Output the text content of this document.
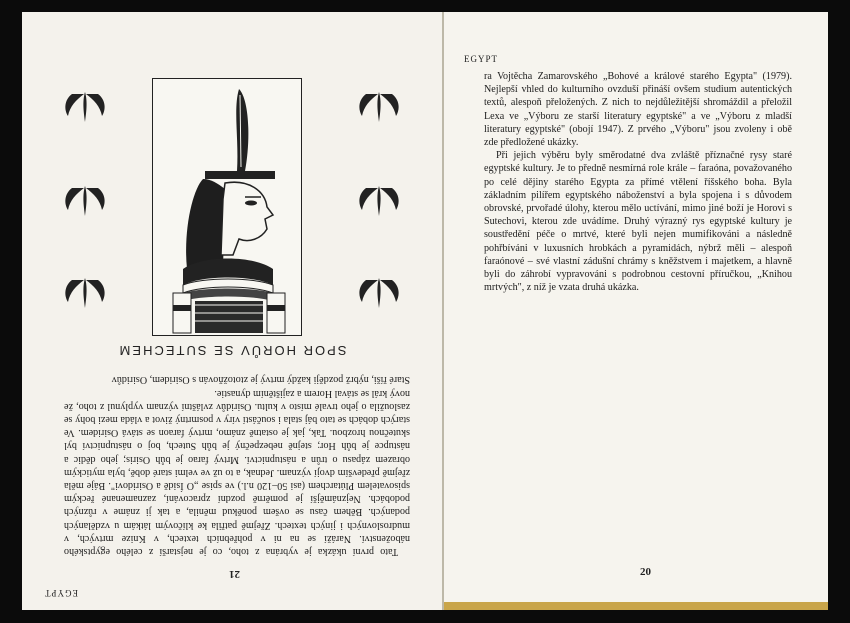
EGYPT
SPOR HORŮV SE SUTECHEM

Tato první ukázka je vybrána z toho, co je nejstarší z celého egyptského náboženství. Naráží se na ni v pohřebních textech, v Knize mrtvých, v mudroslovných i jiných textech. Zřejmě patřila ke klíčovým látkám u vzdělaných podaných. Během času se ovšem poněkud měnila, a tak ji známe v různých podobách. Nejznámější je poměrně pozdní zpracování, zaznamenané řeckým spisovatelem Plútarchem (asi 50–120 n.l.) ve spise „O Ísidě a Osiridovi". Báje měla zřejmě především dvojí význam. Jednak, a to už ve velmi staré době, byla mytickým obrazem zápasu o trůn a nástupnictví. Mrtvý farao je bůh Osiris; jeho dědic a nástupce je bůh Hor; stejně nebezpečný je bůh Sutech, boj o nástupnictví byl skutečnou hrozbou. Tak, jak je ostatně známo, mrtvý faraon se stává Osiridem. Ve starých dobách se tato báj stala i součástí víry v posmrtný život a vláda mezi bohy se zasloužila o jeho trvalé místo v kultu. Osiridův zvláštní význam vyplynul z toho, že nový král se stával Horem a zajištěním dynastie.

Staré říši, nýbrž později každý mrtvý je ztotožňován s Osiridem, Osiridův

21
EGYPT

ra Vojtěcha Zamarovského „Bohové a králové starého Egypta" (1979). Nejlepší vhled do kulturního ovzduší přináší ovšem studium autentických textů, alespoň přeložených. Z nich to nejdůležitější shromáždil a přeložil Lexa ve „Výboru ze starší literatury egyptské" a ve „Výboru z mladší literatury egyptské" (obojí 1947). Z prvého „Výboru" jsou zvoleny i obě zde předložené ukázky.

Při jejich výběru byly směrodatné dva zvláště příznačné rysy staré egyptské kultury. Je to předně nesmírná role krále – faraóna, považovaného po celé dějiny starého Egypta za přímé vtělení říšského boha. Byla základním pilířem egyptského náboženství a byla spojena i s důvodem obrovské, prvořadé úlohy, kterou mělo uctívání, mimo jiné boží je Horovi s Sutechovi, kterou zde uvádíme. Druhý výrazný rys egyptské kultury je soustředění péče o mrtvé, které byli nejen mumifikováni a následně pohřbíváni v luxusních hrobkách a pyramidách, nýbrž měli – alespoň faraónové – své vlastní zádušní chrámy s kněžstvem i majetkem, a hlavně byli do záhrobí vypravováni s podrobnou cestovní příručkou, „Knihou mrtvých", z níž je vzata druhá ukázka.

20
